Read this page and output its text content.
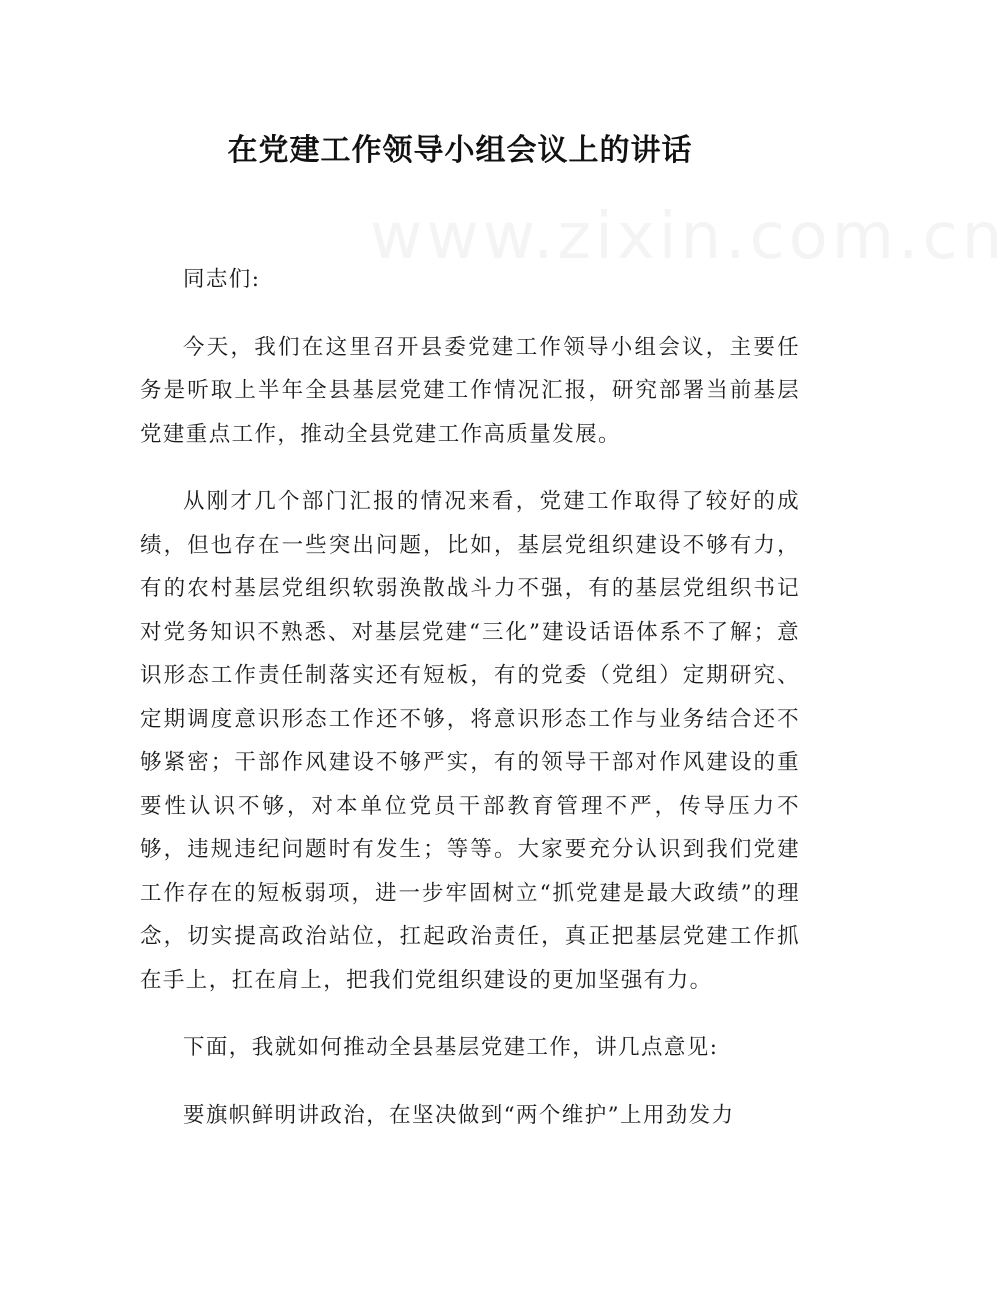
www.zixin.com.cn
在党建工作领导小组会议上的讲话

同志们:

今天，我们在这里召开县委党建工作领导小组会议，主要任务是听取上半年全县基层党建工作情况汇报，研究部署当前基层党建重点工作，推动全县党建工作高质量发展。

从刚才几个部门汇报的情况来看，党建工作取得了较好的成绩，但也存在一些突出问题，比如，基层党组织建设不够有力，有的农村基层党组织软弱涣散战斗力不强，有的基层党组织书记对党务知识不熟悉、对基层党建“三化”建设话语体系不了解；意识形态工作责任制落实还有短板，有的党委（党组）定期研究、定期调度意识形态工作还不够，将意识形态工作与业务结合还不够紧密；干部作风建设不够严实，有的领导干部对作风建设的重要性认识不够，对本单位党员干部教育管理不严，传导压力不够，违规违纪问题时有发生；等等。大家要充分认识到我们党建工作存在的短板弱项，进一步牢固树立“抓党建是最大政绩”的理念，切实提高政治站位，扛起政治责任，真正把基层党建工作抓在手上，扛在肩上，把我们党组织建设的更加坚强有力。

下面，我就如何推动全县基层党建工作，讲几点意见:

要旗帜鲜明讲政治，在坚决做到“两个维护”上用劲发力
